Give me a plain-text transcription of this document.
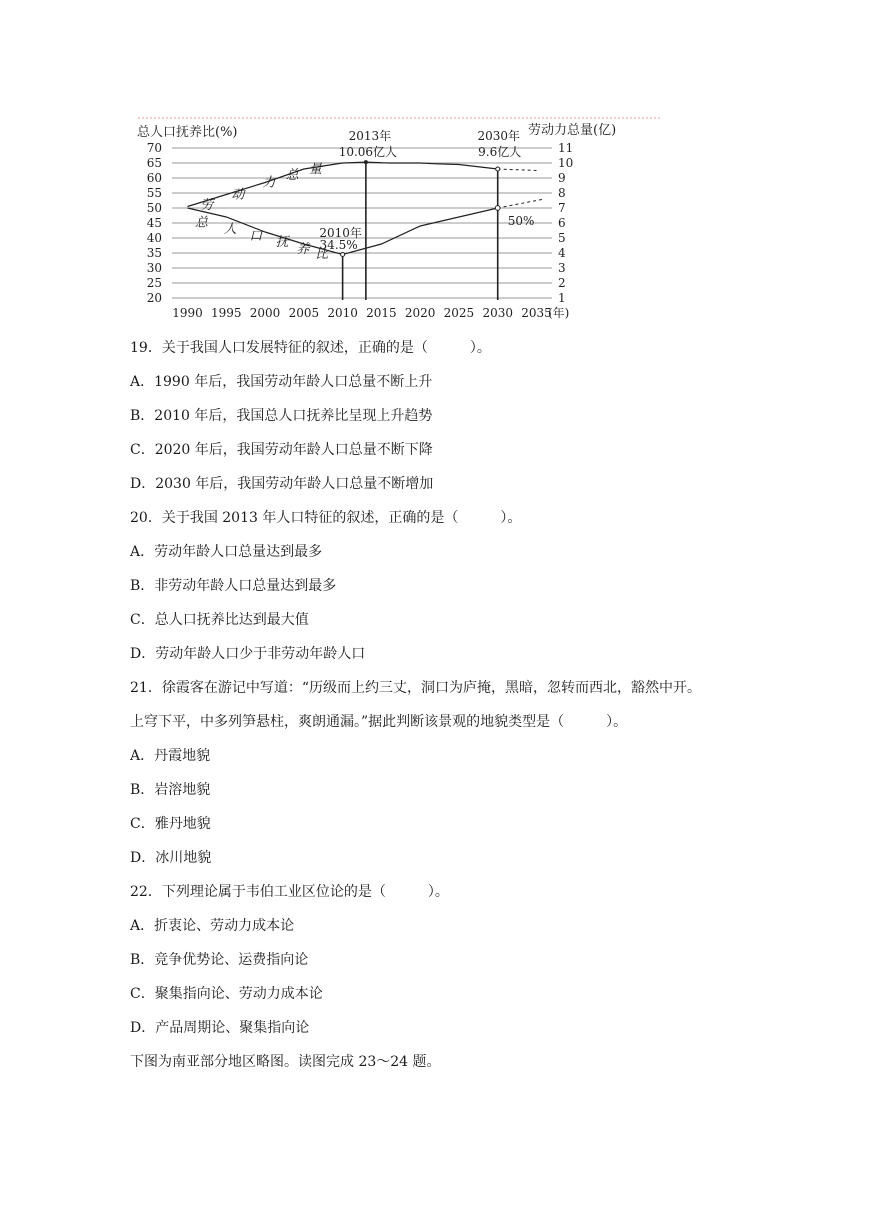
总人口抚养比(%)	劳动力总量(亿)
70
65
60
55
50
45
40
35
30
25
20
11
10
9
8
7
6
5
4
3
2
1
1990 1995 2000 2005 2010 2015 2020 2025 2030 2035
(年)
2013年
10.06亿人
2030年
9.6亿人
2010年
34.5%
50%
劳
动
力 总 量
总 人 口 抚 养 比
19．关于我国人口发展特征的叙述，正确的是（　　　）。
A．1990 年后，我国劳动年龄人口总量不断上升
B．2010 年后，我国总人口抚养比呈现上升趋势
C．2020 年后，我国劳动年龄人口总量不断下降
D．2030 年后，我国劳动年龄人口总量不断增加
20．关于我国 2013 年人口特征的叙述，正确的是（　　　）。
A．劳动年龄人口总量达到最多
B．非劳动年龄人口总量达到最多
C．总人口抚养比达到最大值
D．劳动年龄人口少于非劳动年龄人口
21．徐霞客在游记中写道：“历级而上约三丈，洞口为庐掩，黑暗，忽转而西北，豁然中开。
上穹下平，中多列笋悬柱，爽朗通漏。”据此判断该景观的地貌类型是（　　　）。
A．丹霞地貌
B．岩溶地貌
C．雅丹地貌
D．冰川地貌
22．下列理论属于韦伯工业区位论的是（　　　）。
A．折衷论、劳动力成本论
B．竞争优势论、运费指向论
C．聚集指向论、劳动力成本论
D．产品周期论、聚集指向论
下图为南亚部分地区略图。读图完成 23～24 题。
